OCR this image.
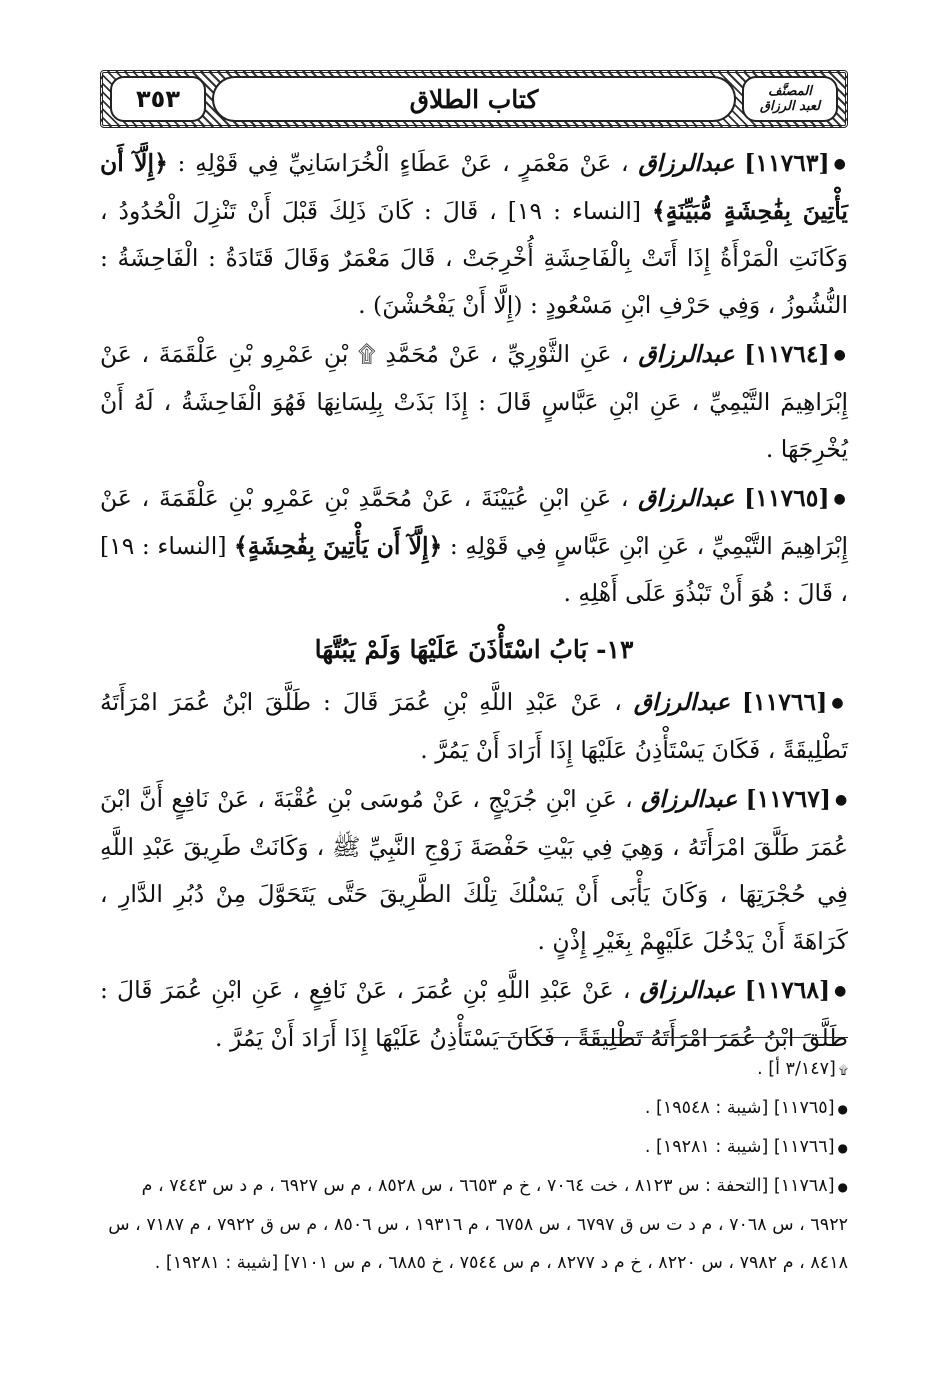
٣٥٣	كتاب الطلاق	المصنَّف
لعبد الرزاق

●[١١٧٦٣] عبدالرزاق ، عَنْ مَعْمَرٍ ، عَنْ عَطَاءٍ الْخُرَاسَانِيِّ فِي قَوْلِهِ : ﴿إِلَّآ أَن يَأْتِينَ بِفَٰحِشَةٍ مُّبَيِّنَةٍ﴾ [النساء : ١٩] ، قَالَ : كَانَ ذَلِكَ قَبْلَ أَنْ تَنْزِلَ الْحُدُودُ ، وَكَانَتِ الْمَرْأَةُ إِذَا أَتَتْ بِالْفَاحِشَةِ أُخْرِجَتْ ، قَالَ مَعْمَرٌ وَقَالَ قَتَادَةُ : الْفَاحِشَةُ : النُّشُوزُ ، وَفِي حَرْفِ ابْنِ مَسْعُودٍ : (إِلَّا أَنْ يَفْحُشْنَ) .

●[١١٧٦٤] عبدالرزاق ، عَنِ الثَّوْرِيِّ ، عَنْ مُحَمَّدِ ۩ بْنِ عَمْرِو بْنِ عَلْقَمَةَ ، عَنْ إِبْرَاهِيمَ التَّيْمِيِّ ، عَنِ ابْنِ عَبَّاسٍ قَالَ : إِذَا بَذَتْ بِلِسَانِهَا فَهُوَ الْفَاحِشَةُ ، لَهُ أَنْ يُخْرِجَهَا .

●[١١٧٦٥] عبدالرزاق ، عَنِ ابْنِ عُيَيْنَةَ ، عَنْ مُحَمَّدِ بْنِ عَمْرِو بْنِ عَلْقَمَةَ ، عَنْ إِبْرَاهِيمَ التَّيْمِيِّ ، عَنِ ابْنِ عَبَّاسٍ فِي قَوْلِهِ : ﴿إِلَّآ أَن يَأْتِينَ بِفَٰحِشَةٍ﴾ [النساء : ١٩] ، قَالَ : هُوَ أَنْ تَبْذُوَ عَلَى أَهْلِهِ .

١٣- بَابُ اسْتَأْذَنَ عَلَيْهَا وَلَمْ يَبُتَّهَا

●[١١٧٦٦] عبدالرزاق ، عَنْ عَبْدِ اللَّهِ بْنِ عُمَرَ قَالَ : طَلَّقَ ابْنُ عُمَرَ امْرَأَتَهُ تَطْلِيقَةً ، فَكَانَ يَسْتَأْذِنُ عَلَيْهَا إِذَا أَرَادَ أَنْ يَمُرَّ .

●[١١٧٦٧] عبدالرزاق ، عَنِ ابْنِ جُرَيْجٍ ، عَنْ مُوسَى بْنِ عُقْبَةَ ، عَنْ نَافِعٍ أَنَّ ابْنَ عُمَرَ طَلَّقَ امْرَأَتَهُ ، وَهِيَ فِي بَيْتِ حَفْصَةَ زَوْجِ النَّبِيِّ ﷺ ، وَكَانَتْ طَرِيقَ عَبْدِ اللَّهِ فِي حُجْرَتِهَا ، وَكَانَ يَأْبَى أَنْ يَسْلُكَ تِلْكَ الطَّرِيقَ حَتَّى يَتَحَوَّلَ مِنْ دُبُرِ الدَّارِ ، كَرَاهَةَ أَنْ يَدْخُلَ عَلَيْهِمْ بِغَيْرِ إِذْنٍ .

●[١١٧٦٨] عبدالرزاق ، عَنْ عَبْدِ اللَّهِ بْنِ عُمَرَ ، عَنْ نَافِعٍ ، عَنِ ابْنِ عُمَرَ قَالَ : طَلَّقَ ابْنُ عُمَرَ امْرَأَتَهُ تَطْلِيقَةً ، فَكَانَ يَسْتَأْذِنُ عَلَيْهَا إِذَا أَرَادَ أَنْ يَمُرَّ .

۩[٣/١٤٧ أ] .

●[١١٧٦٥] [شيبة : ١٩٥٤٨] .

●[١١٧٦٦] [شيبة : ١٩٢٨١] .

●[١١٧٦٨] [التحفة : س ٨١٢٣ ، خت ٧٠٦٤ ، خ م ٦٦٥٣ ، س ٨٥٢٨ ، م س ٦٩٢٧ ، م د س ٧٤٤٣ ، م ٦٩٢٢ ، س ٧٠٦٨ ، م د ت س ق ٦٧٩٧ ، س ٦٧٥٨ ، م ١٩٣١٦ ، س ٨٥٠٦ ، م س ق ٧٩٢٢ ، م ٧١٨٧ ، س ٨٤١٨ ، م ٧٩٨٢ ، س ٨٢٢٠ ، خ م د ٨٢٧٧ ، م س ٧٥٤٤ ، خ ٦٨٨٥ ، م س ٧١٠١] [شيبة : ١٩٢٨١] .
